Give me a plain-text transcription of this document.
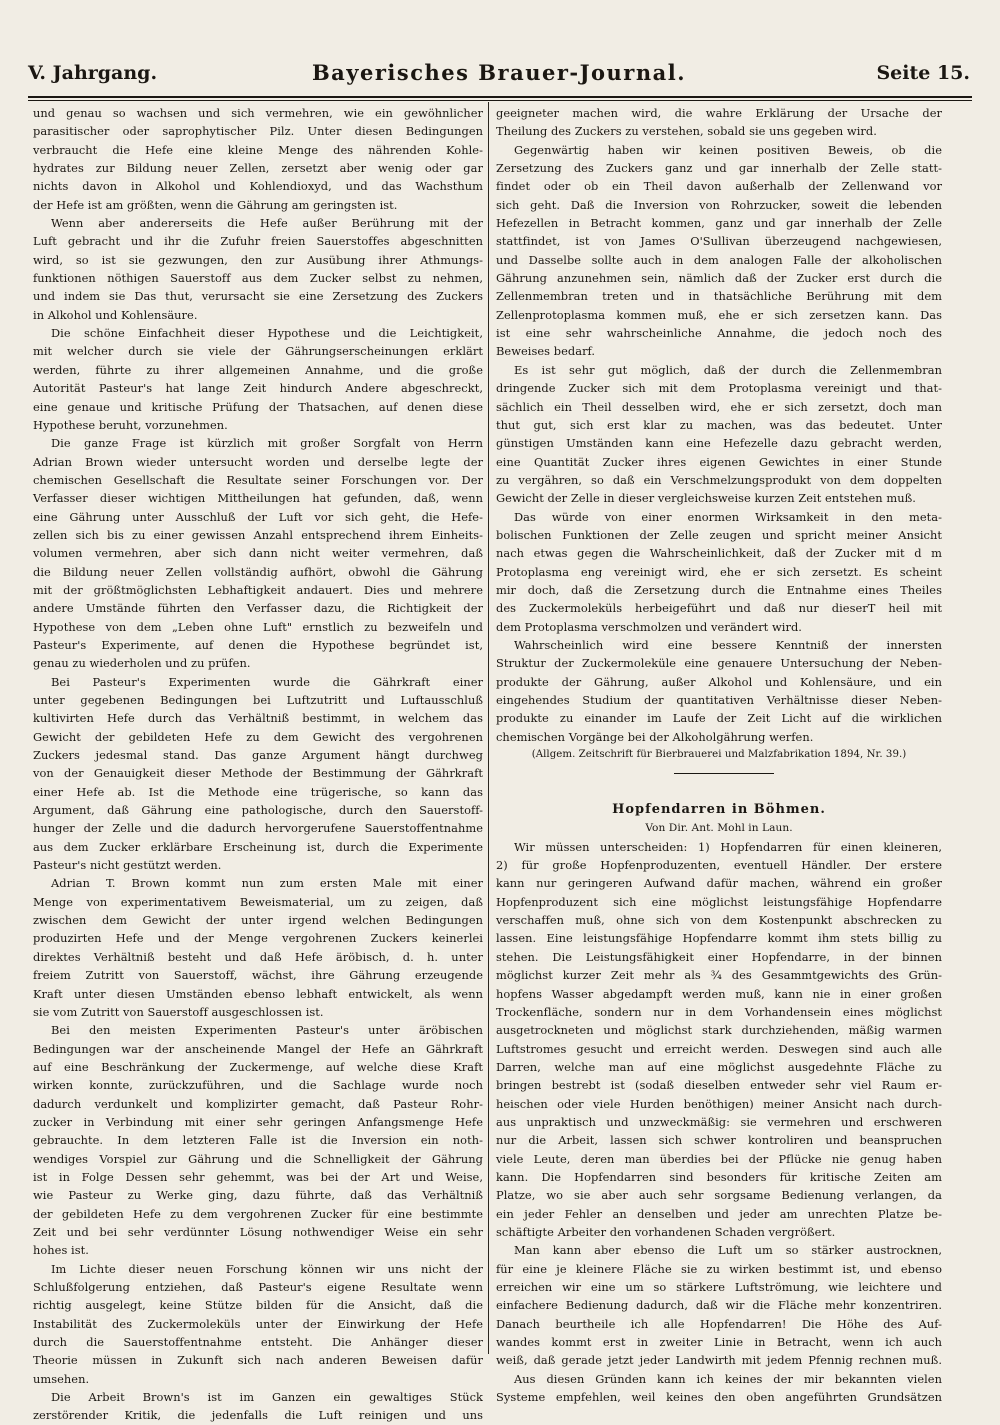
V. Jahrgang.	Bayerisches Brauer-Journal.	Seite 15.
und genau so wachsen und sich vermehren, wie ein gewöhnlicher
parasitischer oder saprophytischer Pilz. Unter diesen Bedingungen
verbraucht die Hefe eine kleine Menge des nährenden Kohle-
hydrates zur Bildung neuer Zellen, zersetzt aber wenig oder gar
nichts davon in Alkohol und Kohlendioxyd, und das Wachsthum
der Hefe ist am größten, wenn die Gährung am geringsten ist.
Wenn aber andererseits die Hefe außer Berührung mit der
Luft gebracht und ihr die Zufuhr freien Sauerstoffes abgeschnitten
wird, so ist sie gezwungen, den zur Ausübung ihrer Athmungs-
funktionen nöthigen Sauerstoff aus dem Zucker selbst zu nehmen,
und indem sie Das thut, verursacht sie eine Zersetzung des Zuckers
in Alkohol und Kohlensäure.
Die schöne Einfachheit dieser Hypothese und die Leichtigkeit,
mit welcher durch sie viele der Gährungserscheinungen erklärt
werden, führte zu ihrer allgemeinen Annahme, und die große
Autorität Pasteur's hat lange Zeit hindurch Andere abgeschreckt,
eine genaue und kritische Prüfung der Thatsachen, auf denen diese
Hypothese beruht, vorzunehmen.
Die ganze Frage ist kürzlich mit großer Sorgfalt von Herrn
Adrian Brown wieder untersucht worden und derselbe legte der
chemischen Gesellschaft die Resultate seiner Forschungen vor. Der
Verfasser dieser wichtigen Mittheilungen hat gefunden, daß, wenn
eine Gährung unter Ausschluß der Luft vor sich geht, die Hefe-
zellen sich bis zu einer gewissen Anzahl entsprechend ihrem Einheits-
volumen vermehren, aber sich dann nicht weiter vermehren, daß
die Bildung neuer Zellen vollständig aufhört, obwohl die Gährung
mit der größtmöglichsten Lebhaftigkeit andauert. Dies und mehrere
andere Umstände führten den Verfasser dazu, die Richtigkeit der
Hypothese von dem „Leben ohne Luft" ernstlich zu bezweifeln und
Pasteur's Experimente, auf denen die Hypothese begründet ist,
genau zu wiederholen und zu prüfen.
Bei Pasteur's Experimenten wurde die Gährkraft einer
unter gegebenen Bedingungen bei Luftzutritt und Luftausschluß
kultivirten Hefe durch das Verhältniß bestimmt, in welchem das
Gewicht der gebildeten Hefe zu dem Gewicht des vergohrenen
Zuckers jedesmal stand. Das ganze Argument hängt durchweg
von der Genauigkeit dieser Methode der Bestimmung der Gährkraft
einer Hefe ab. Ist die Methode eine trügerische, so kann das
Argument, daß Gährung eine pathologische, durch den Sauerstoff-
hunger der Zelle und die dadurch hervorgerufene Sauerstoffentnahme
aus dem Zucker erklärbare Erscheinung ist, durch die Experimente
Pasteur's nicht gestützt werden.
Adrian T. Brown kommt nun zum ersten Male mit einer
Menge von experimentativem Beweismaterial, um zu zeigen, daß
zwischen dem Gewicht der unter irgend welchen Bedingungen
produzirten Hefe und der Menge vergohrenen Zuckers keinerlei
direktes Verhältniß besteht und daß Hefe äröbisch, d. h. unter
freiem Zutritt von Sauerstoff, wächst, ihre Gährung erzeugende
Kraft unter diesen Umständen ebenso lebhaft entwickelt, als wenn
sie vom Zutritt von Sauerstoff ausgeschlossen ist.
Bei den meisten Experimenten Pasteur's unter äröbischen
Bedingungen war der anscheinende Mangel der Hefe an Gährkraft
auf eine Beschränkung der Zuckermenge, auf welche diese Kraft
wirken konnte, zurückzuführen, und die Sachlage wurde noch
dadurch verdunkelt und komplizirter gemacht, daß Pasteur Rohr-
zucker in Verbindung mit einer sehr geringen Anfangsmenge Hefe
gebrauchte. In dem letzteren Falle ist die Inversion ein noth-
wendiges Vorspiel zur Gährung und die Schnelligkeit der Gährung
ist in Folge Dessen sehr gehemmt, was bei der Art und Weise,
wie Pasteur zu Werke ging, dazu führte, daß das Verhältniß
der gebildeten Hefe zu dem vergohrenen Zucker für eine bestimmte
Zeit und bei sehr verdünnter Lösung nothwendiger Weise ein sehr
hohes ist.
Im Lichte dieser neuen Forschung können wir uns nicht der
Schlußfolgerung entziehen, daß Pasteur's eigene Resultate wenn
richtig ausgelegt, keine Stütze bilden für die Ansicht, daß die
Instabilität des Zuckermoleküls unter der Einwirkung der Hefe
durch die Sauerstoffentnahme entsteht. Die Anhänger dieser
Theorie müssen in Zukunft sich nach anderen Beweisen dafür
umsehen.
Die Arbeit Brown's ist im Ganzen ein gewaltiges Stück
zerstörender Kritik, die jedenfalls die Luft reinigen und uns
geeigneter machen wird, die wahre Erklärung der Ursache der
Theilung des Zuckers zu verstehen, sobald sie uns gegeben wird.
Gegenwärtig haben wir keinen positiven Beweis, ob die
Zersetzung des Zuckers ganz und gar innerhalb der Zelle statt-
findet oder ob ein Theil davon außerhalb der Zellenwand vor
sich geht. Daß die Inversion von Rohrzucker, soweit die lebenden
Hefezellen in Betracht kommen, ganz und gar innerhalb der Zelle
stattfindet, ist von James O'Sullivan überzeugend nachgewiesen,
und Dasselbe sollte auch in dem analogen Falle der alkoholischen
Gährung anzunehmen sein, nämlich daß der Zucker erst durch die
Zellenmembran treten und in thatsächliche Berührung mit dem
Zellenprotoplasma kommen muß, ehe er sich zersetzen kann. Das
ist eine sehr wahrscheinliche Annahme, die jedoch noch des
Beweises bedarf.
Es ist sehr gut möglich, daß der durch die Zellenmembran
dringende Zucker sich mit dem Protoplasma vereinigt und that-
sächlich ein Theil desselben wird, ehe er sich zersetzt, doch man
thut gut, sich erst klar zu machen, was das bedeutet. Unter
günstigen Umständen kann eine Hefezelle dazu gebracht werden,
eine Quantität Zucker ihres eigenen Gewichtes in einer Stunde
zu vergähren, so daß ein Verschmelzungsprodukt von dem doppelten
Gewicht der Zelle in dieser vergleichsweise kurzen Zeit entstehen muß.
Das würde von einer enormen Wirksamkeit in den meta-
bolischen Funktionen der Zelle zeugen und spricht meiner Ansicht
nach etwas gegen die Wahrscheinlichkeit, daß der Zucker mit d m
Protoplasma eng vereinigt wird, ehe er sich zersetzt. Es scheint
mir doch, daß die Zersetzung durch die Entnahme eines Theiles
des Zuckermoleküls herbeigeführt und daß nur dieserT heil mit
dem Protoplasma verschmolzen und verändert wird.
Wahrscheinlich wird eine bessere Kenntniß der innersten
Struktur der Zuckermoleküle eine genauere Untersuchung der Neben-
produkte der Gährung, außer Alkohol und Kohlensäure, und ein
eingehendes Studium der quantitativen Verhältnisse dieser Neben-
produkte zu einander im Laufe der Zeit Licht auf die wirklichen
chemischen Vorgänge bei der Alkoholgährung werfen.
(Allgem. Zeitschrift für Bierbrauerei und Malzfabrikation 1894, Nr. 39.)
Hopfendarren in Böhmen.
Von Dir. Ant. Mohl in Laun.
Wir müssen unterscheiden: 1) Hopfendarren für einen kleineren,
2) für große Hopfenproduzenten, eventuell Händler. Der erstere
kann nur geringeren Aufwand dafür machen, während ein großer
Hopfenproduzent sich eine möglichst leistungsfähige Hopfendarre
verschaffen muß, ohne sich von dem Kostenpunkt abschrecken zu
lassen. Eine leistungsfähige Hopfendarre kommt ihm stets billig zu
stehen. Die Leistungsfähigkeit einer Hopfendarre, in der binnen
möglichst kurzer Zeit mehr als ¾ des Gesammtgewichts des Grün-
hopfens Wasser abgedampft werden muß, kann nie in einer großen
Trockenfläche, sondern nur in dem Vorhandensein eines möglichst
ausgetrockneten und möglichst stark durchziehenden, mäßig warmen
Luftstromes gesucht und erreicht werden. Deswegen sind auch alle
Darren, welche man auf eine möglichst ausgedehnte Fläche zu
bringen bestrebt ist (sodaß dieselben entweder sehr viel Raum er-
heischen oder viele Hurden benöthigen) meiner Ansicht nach durch-
aus unpraktisch und unzweckmäßig: sie vermehren und erschweren
nur die Arbeit, lassen sich schwer kontroliren und beanspruchen
viele Leute, deren man überdies bei der Pflücke nie genug haben
kann. Die Hopfendarren sind besonders für kritische Zeiten am
Platze, wo sie aber auch sehr sorgsame Bedienung verlangen, da
ein jeder Fehler an denselben und jeder am unrechten Platze be-
schäftigte Arbeiter den vorhandenen Schaden vergrößert.
Man kann aber ebenso die Luft um so stärker austrocknen,
für eine je kleinere Fläche sie zu wirken bestimmt ist, und ebenso
erreichen wir eine um so stärkere Luftströmung, wie leichtere und
einfachere Bedienung dadurch, daß wir die Fläche mehr konzentriren.
Danach beurtheile ich alle Hopfendarren! Die Höhe des Auf-
wandes kommt erst in zweiter Linie in Betracht, wenn ich auch
weiß, daß gerade jetzt jeder Landwirth mit jedem Pfennig rechnen muß.
Aus diesen Gründen kann ich keines der mir bekannten vielen
Systeme empfehlen, weil keines den oben angeführten Grundsätzen
